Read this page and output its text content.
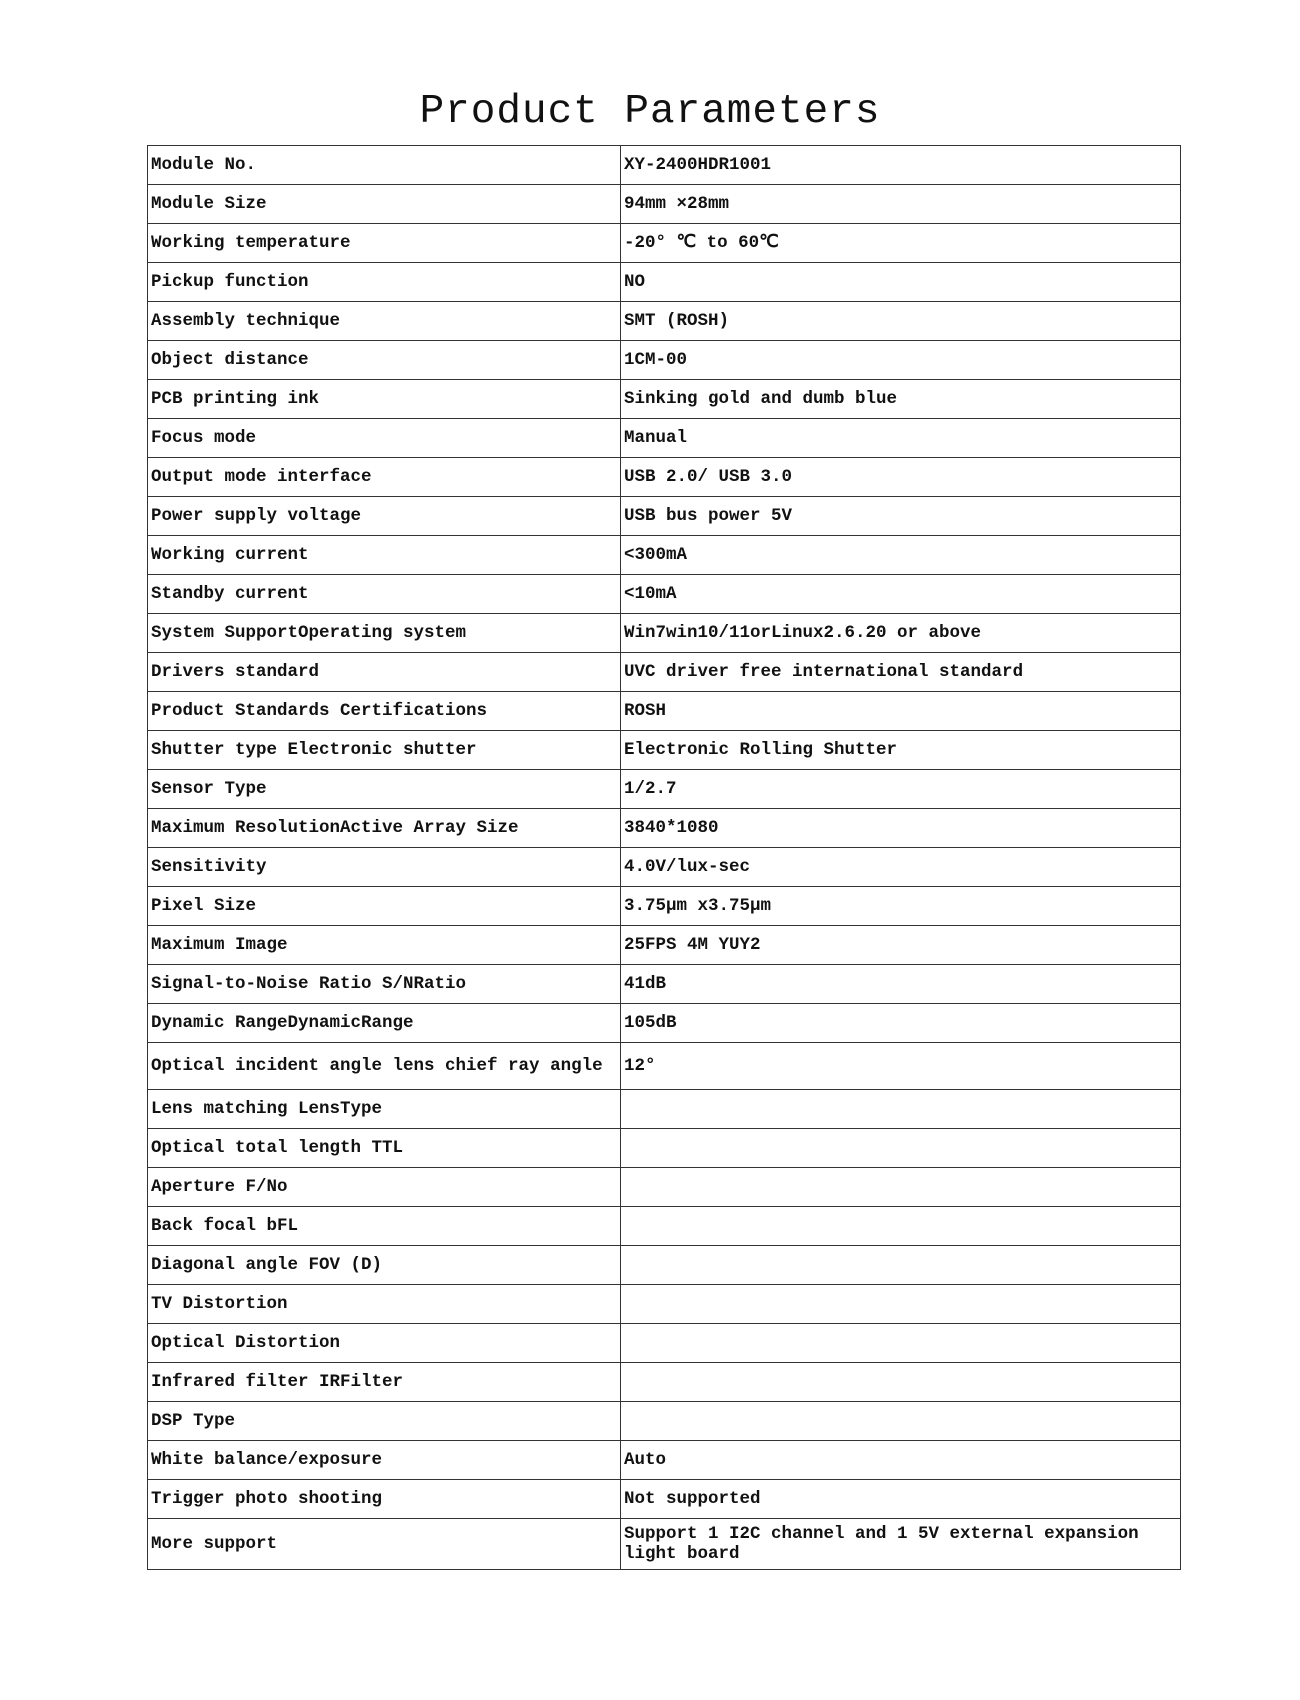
Product Parameters
Module No.	XY-2400HDR1001
Module Size	94mm ×28mm
Working temperature	-20° ℃ to 60℃
Pickup function	NO
Assembly technique	SMT (ROSH)
Object distance	1CM-00
PCB printing ink	Sinking gold and dumb blue
Focus mode	Manual
Output mode interface	USB 2.0/ USB 3.0
Power supply voltage	USB bus power 5V
Working current	<300mA
Standby current	<10mA
System SupportOperating system	Win7win10/11orLinux2.6.20 or above
Drivers standard	UVC driver free international standard
Product Standards Certifications	ROSH
Shutter type Electronic shutter	Electronic Rolling Shutter
Sensor Type	1/2.7
Maximum ResolutionActive Array Size	3840*1080
Sensitivity	4.0V/lux-sec
Pixel Size	3.75μm x3.75μm
Maximum Image	25FPS 4M YUY2
Signal-to-Noise Ratio S/NRatio	41dB
Dynamic RangeDynamicRange	105dB
Optical incident angle lens chief ray angle	12°
Lens matching LensType	
Optical total length TTL	
Aperture F/No	
Back focal bFL	
Diagonal angle FOV (D)	
TV Distortion	
Optical Distortion	
Infrared filter IRFilter	
DSP Type	
White balance/exposure	Auto
Trigger photo shooting	Not supported
More support	Support 1 I2C channel and 1 5V external expansion light board
